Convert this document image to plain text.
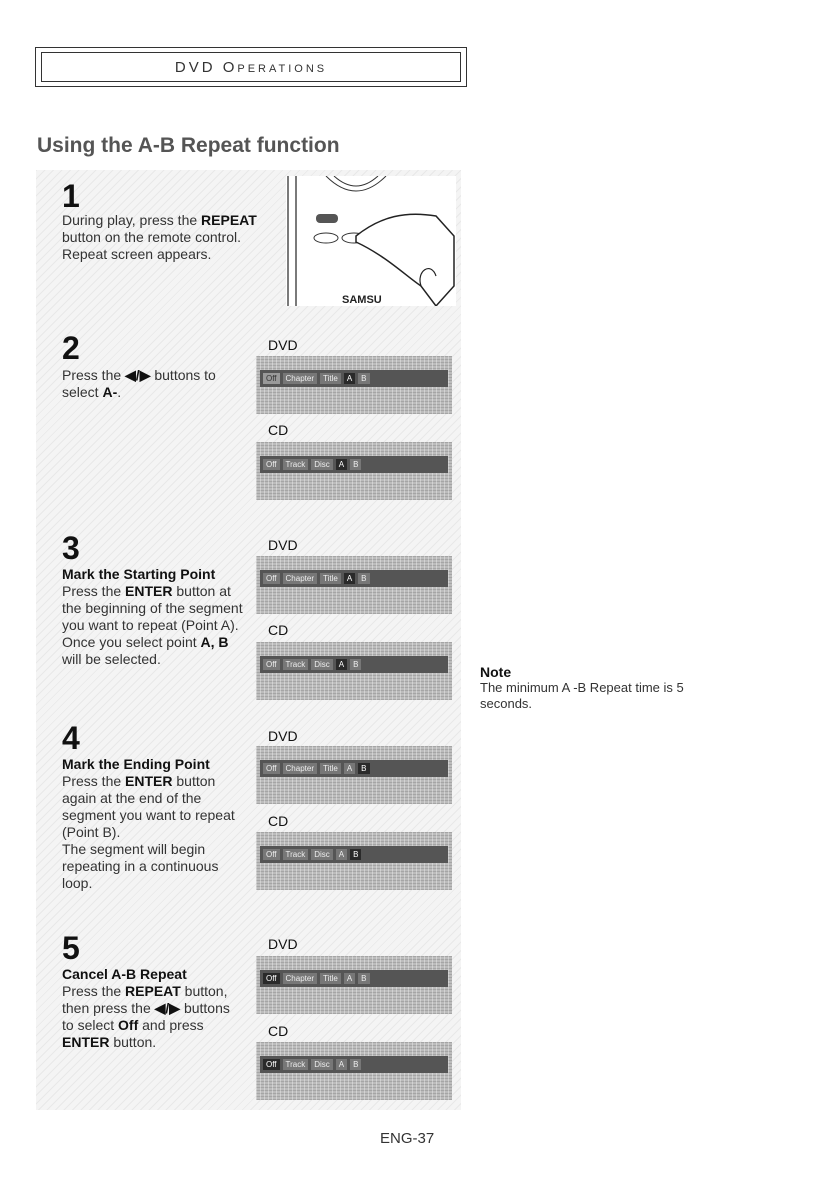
DVD Operations
Using the A-B Repeat function
1
During play, press the REPEAT
button on the remote control.
Repeat screen appears.
SAMSU
2
Press the ◀/▶ buttons to
select A-.
DVD
Off	Chapter	Title	A	B
CD
Off	Track	Disc	A	B
3
Mark the Starting Point
Press the ENTER button at
the beginning of the segment
you want to repeat (Point A).
Once you select point A, B
will be selected.
DVD
Off	Chapter	Title	A	B
CD
Off	Track	Disc	A	B
4
Mark the Ending Point
Press the ENTER button
again at the end of the
segment you want to repeat
(Point B).
The segment will begin
repeating in a continuous
loop.
DVD
Off	Chapter	Title	A	B
CD
Off	Track	Disc	A	B
5
Cancel A-B Repeat
Press the REPEAT button,
then press the ◀/▶ buttons
to select Off and press
ENTER button.
DVD
Off	Chapter	Title	A	B
CD
Off	Track	Disc	A	B
Note
The minimum A -B Repeat time is 5 seconds.
ENG-37
